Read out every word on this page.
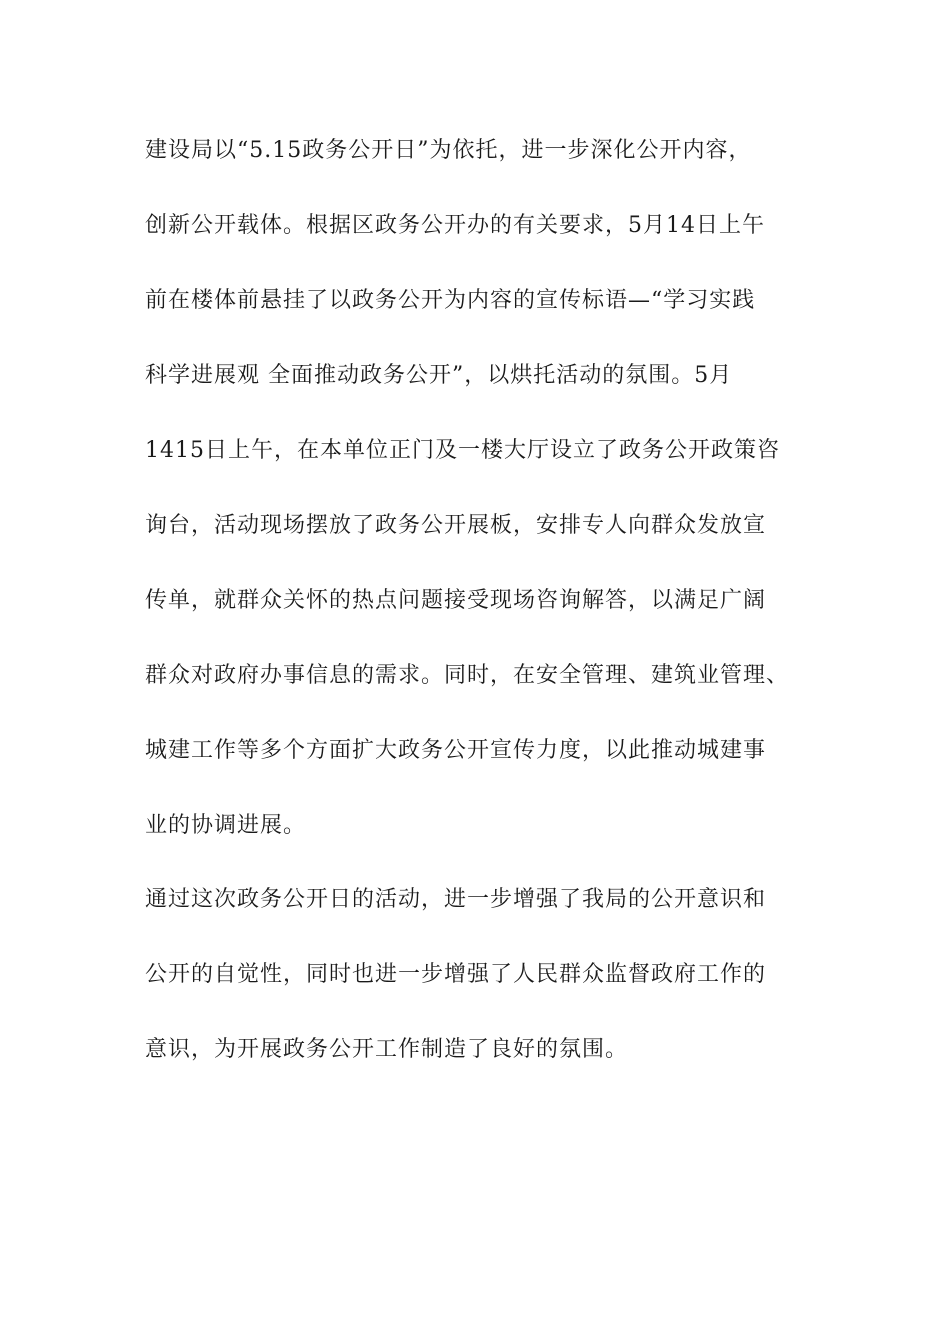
建设局以“5.15政务公开日”为依托，进一步深化公开内容，
创新公开载体。根据区政务公开办的有关要求，5月14日上午
前在楼体前悬挂了以政务公开为内容的宣传标语—“学习实践
科学进展观 全面推动政务公开”，以烘托活动的氛围。5月
1415日上午，在本单位正门及一楼大厅设立了政务公开政策咨
询台，活动现场摆放了政务公开展板，安排专人向群众发放宣
传单，就群众关怀的热点问题接受现场咨询解答，以满足广阔
群众对政府办事信息的需求。同时，在安全管理、建筑业管理、
城建工作等多个方面扩大政务公开宣传力度，以此推动城建事
业的协调进展。
通过这次政务公开日的活动，进一步增强了我局的公开意识和
公开的自觉性，同时也进一步增强了人民群众监督政府工作的
意识，为开展政务公开工作制造了良好的氛围。
